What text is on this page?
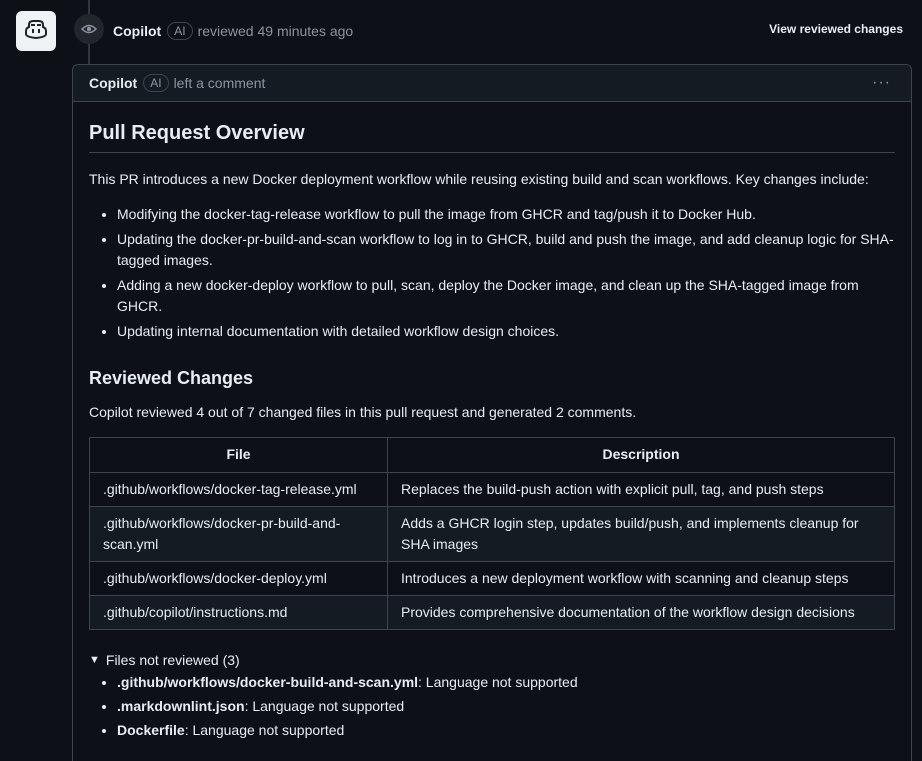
Copilot	AI reviewed 49 minutes ago	View reviewed changes
Copilot	AI left a comment	···
Pull Request Overview

This PR introduces a new Docker deployment workflow while reusing existing build and scan workflows. Key changes include:

• Modifying the docker-tag-release workflow to pull the image from GHCR and tag/push it to Docker Hub.
• Updating the docker-pr-build-and-scan workflow to log in to GHCR, build and push the image, and add cleanup logic for SHA-tagged images.
• Adding a new docker-deploy workflow to pull, scan, deploy the Docker image, and clean up the SHA-tagged image from GHCR.
• Updating internal documentation with detailed workflow design choices.
Reviewed Changes

Copilot reviewed 4 out of 7 changed files in this pull request and generated 2 comments.

File	Description
.github/workflows/docker-tag-release.yml	Replaces the build-push action with explicit pull, tag, and push steps
.github/workflows/docker-pr-build-and-scan.yml	Adds a GHCR login step, updates build/push, and implements cleanup for SHA images
.github/workflows/docker-deploy.yml	Introduces a new deployment workflow with scanning and cleanup steps
.github/copilot/instructions.md	Provides comprehensive documentation of the workflow design decisions
▼ Files not reviewed (3)
• .github/workflows/docker-build-and-scan.yml: Language not supported
• .markdownlint.json: Language not supported
• Dockerfile: Language not supported
